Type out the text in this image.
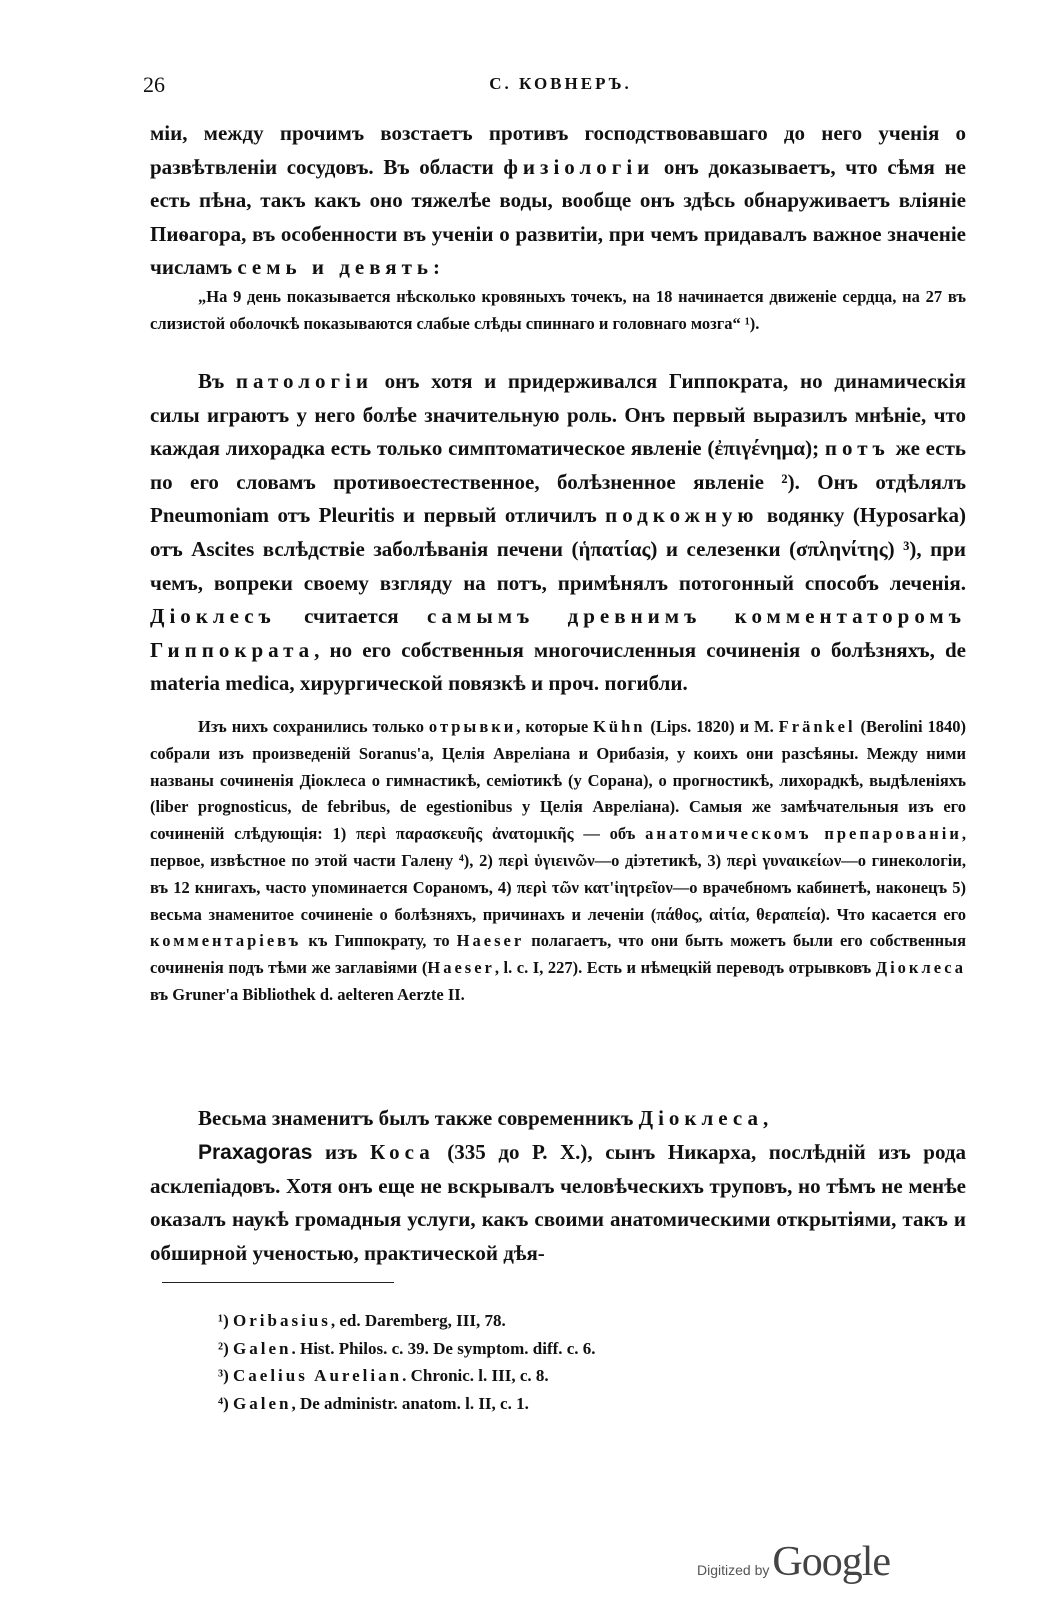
26	С. КОВНЕРЪ.
міи, между прочимъ возстаетъ противъ господствовавшаго до него ученія о развѣтвленіи сосудовъ. Въ области физіологіи онъ доказываетъ, что сѣмя не есть пѣна, такъ какъ оно тяжелѣе воды, вообще онъ здѣсь обнаруживаетъ вліяніе Пиѳагора, въ особенности въ ученіи о развитіи, при чемъ придавалъ важное значеніе числамъ семь и девять:
„На 9 день показывается нѣсколько кровяныхъ точекъ, на 18 начинается движеніе сердца, на 27 въ слизистой оболочкѣ показываются слабые слѣды спиннаго и головнаго мозга“ ¹).
Въ патологіи онъ хотя и придерживался Гиппократа, но динамическія силы играютъ у него болѣе значительную роль. Онъ первый выразилъ мнѣніе, что каждая лихорадка есть только симптоматическое явленіе (ἐπιγένημα); потъ же есть по его словамъ противоестественное, болѣзненное явленіе ²). Онъ отдѣлялъ Pneumoniam отъ Pleuritis и первый отличилъ подкожную водянку (Hyposarka) отъ Ascites вслѣдствіе заболѣванія печени (ἡπατίας) и селезенки (σπληνίτης) ³), при чемъ, вопреки своему взгляду на потъ, примѣнялъ потогонный способъ леченія. Діоклесъ считается самымъ древнимъ комментаторомъ Гиппократа, но его собственныя многочисленныя сочиненія о болѣзняхъ, de materia medica, хирургической повязкѣ и проч. погибли.
Изъ нихъ сохранились только отрывки, которые Kühn (Lips. 1820) и M. Fränkel (Berolini 1840) собрали изъ произведеній Soranus'а, Целія Авреліана и Орибазія, у коихъ они разсѣяны. Между ними названы сочиненія Діоклеса о гимнастикѣ, семіотикѣ (у Сорана), о прогностикѣ, лихорадкѣ, выдѣленіяхъ (liber prognosticus, de febribus, de egestionibus у Целія Авреліана). Самыя же замѣчательныя изъ его сочиненій слѣдующія: 1) περὶ παρασκευῆς ἀνατομικῆς — объ анатомическомъ препарованіи, первое, извѣстное по этой части Галену ⁴), 2) περὶ ὑγιεινῶν—о діэтетикѣ, 3) περὶ γυναικείων—о гинекологіи, въ 12 книгахъ, часто упоминается Сораномъ, 4) περὶ τῶν κατ'ἰητρεῖον—о врачебномъ кабинетѣ, наконецъ 5) весьма знаменитое сочиненіе о болѣзняхъ, причинахъ и леченіи (πάθος, αἰτία, θεραπεία). Что касается его комментаріевъ къ Гиппократу, то Haeser полагаетъ, что они быть можетъ были его собственныя сочиненія подъ тѣми же заглавіями (Haeser, l. c. I, 227). Есть и нѣмецкій переводъ отрывковъ Діоклеса въ Gruner'a Bibliothek d. aelteren Aerzte II.
Весьма знаменитъ былъ также современникъ Діоклеса,
Praxagoras изъ Коса (335 до Р. Х.), сынъ Никарха, послѣдній изъ рода асклепіадовъ. Хотя онъ еще не вскрывалъ человѣческихъ труповъ, но тѣмъ не менѣе оказалъ наукѣ громадныя услуги, какъ своими анатомическими открытіями, такъ и обширной ученостью, практической дѣя-
¹) Oribasius, ed. Daremberg, III, 78.
²) Galen. Hist. Philos. c. 39. De symptom. diff. c. 6.
³) Caelius Aurelian. Chronic. l. III, c. 8.
⁴) Galen, De administr. anatom. l. II, c. 1.
Digitized by Google
